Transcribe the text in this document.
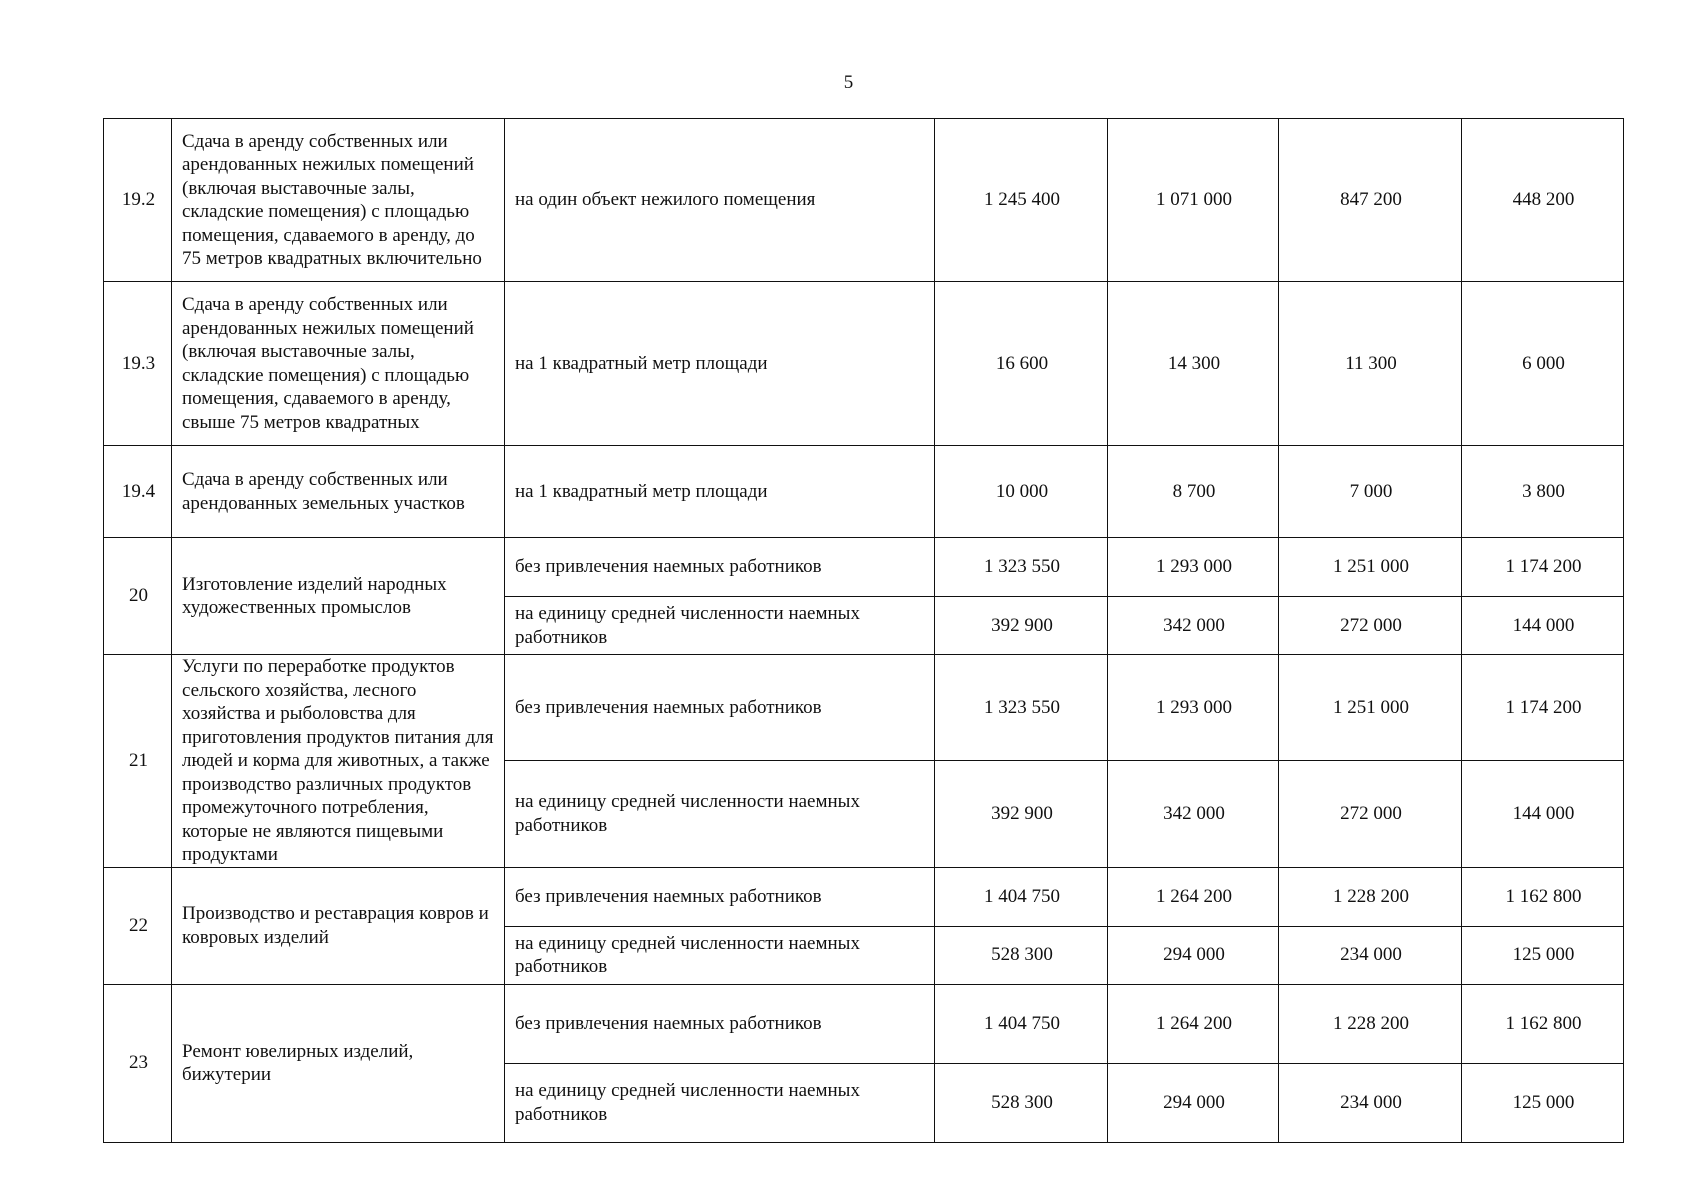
5
19.2	Сдача в аренду собственных или арендованных нежилых помещений (включая выставочные залы, складские помещения) с площадью помещения, сдаваемого в аренду, до 75 метров квадратных включительно	на один объект нежилого помещения	1 245 400	1 071 000	847 200	448 200
19.3	Сдача в аренду собственных или арендованных нежилых помещений (включая выставочные залы, складские помещения) с площадью помещения, сдаваемого в аренду, свыше 75 метров квадратных	на 1 квадратный метр площади	16 600	14 300	11 300	6 000
19.4	Сдача в аренду собственных или арендованных земельных участков	на 1 квадратный метр площади	10 000	8 700	7 000	3 800
20	Изготовление изделий народных художественных промыслов	без привлечения наемных работников	1 323 550	1 293 000	1 251 000	1 174 200
		на единицу средней численности наемных работников	392 900	342 000	272 000	144 000
21	Услуги по переработке продуктов сельского хозяйства, лесного хозяйства и рыболовства для приготовления продуктов питания для людей и корма для животных, а также производство различных продуктов промежуточного потребления, которые не являются пищевыми продуктами	без привлечения наемных работников	1 323 550	1 293 000	1 251 000	1 174 200
		на единицу средней численности наемных работников	392 900	342 000	272 000	144 000
22	Производство и реставрация ковров и ковровых изделий	без привлечения наемных работников	1 404 750	1 264 200	1 228 200	1 162 800
		на единицу средней численности наемных работников	528 300	294 000	234 000	125 000
23	Ремонт ювелирных изделий, бижутерии	без привлечения наемных работников	1 404 750	1 264 200	1 228 200	1 162 800
		на единицу средней численности наемных работников	528 300	294 000	234 000	125 000
